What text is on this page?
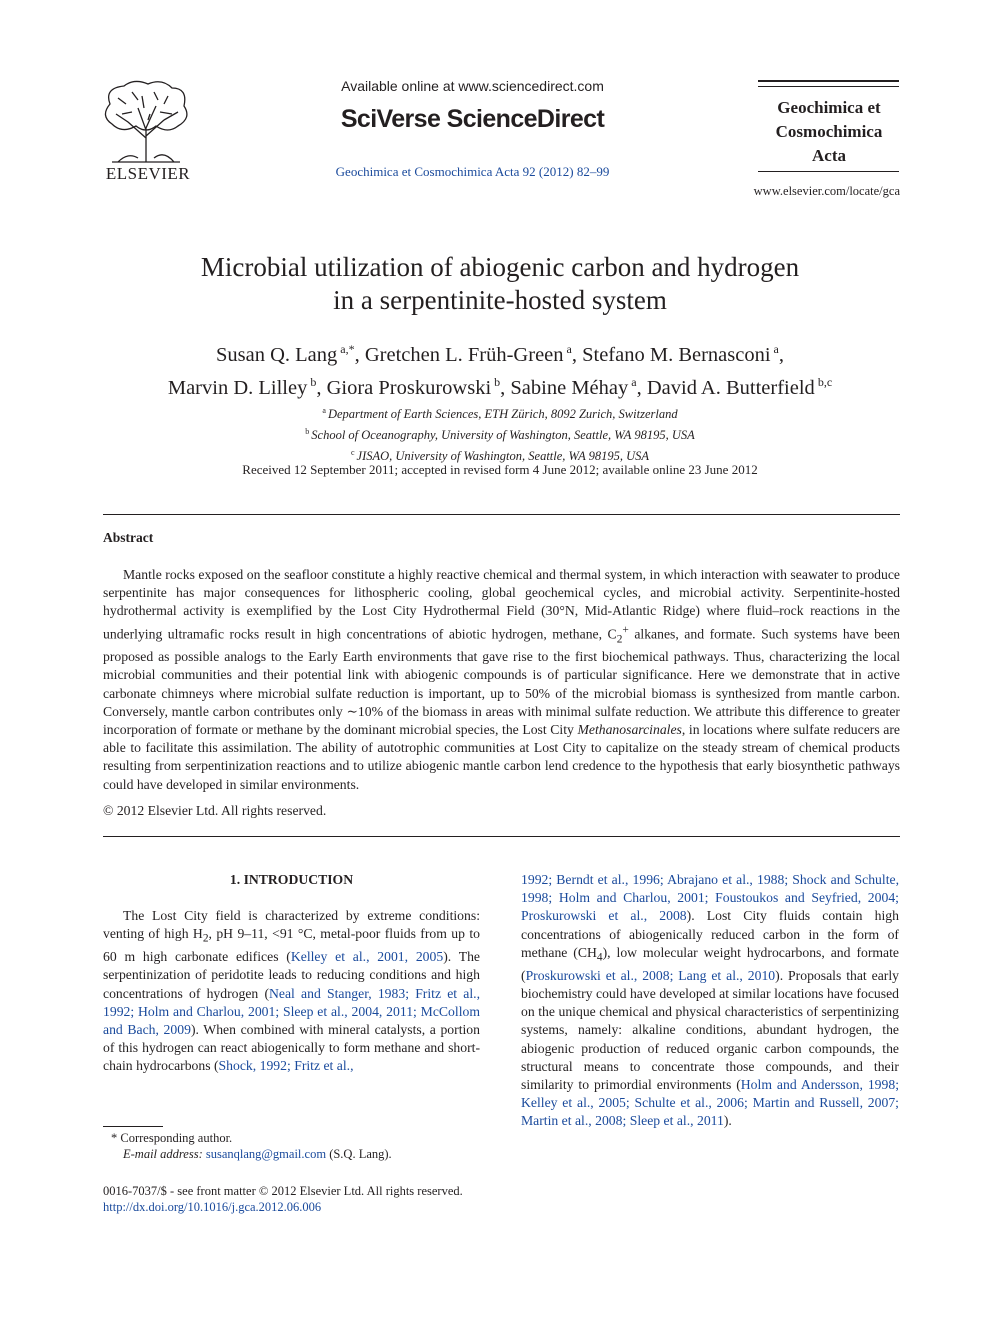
ELSEVIER
Available online at www.sciencedirect.com
SciVerse ScienceDirect
Geochimica et Cosmochimica Acta 92 (2012) 82–99
Geochimica et
Cosmochimica
Acta
www.elsevier.com/locate/gca
Microbial utilization of abiogenic carbon and hydrogen
in a serpentinite-hosted system
Susan Q. Lang $^{a,*}$, Gretchen L. Früh-Green $^a$, Stefano M. Bernasconi $^a$,
Marvin D. Lilley $^b$, Giora Proskurowski $^b$, Sabine Méhay $^a$, David A. Butterfield $^{b,c}$
$^a$ Department of Earth Sciences, ETH Zürich, 8092 Zurich, Switzerland
$^b$ School of Oceanography, University of Washington, Seattle, WA 98195, USA
$^c$ JISAO, University of Washington, Seattle, WA 98195, USA
Received 12 September 2011; accepted in revised form 4 June 2012; available online 23 June 2012
Abstract
Mantle rocks exposed on the seafloor constitute a highly reactive chemical and thermal system, in which interaction with seawater to produce serpentinite has major consequences for lithospheric cooling, global geochemical cycles, and microbial activity. Serpentinite-hosted hydrothermal activity is exemplified by the Lost City Hydrothermal Field (30°N, Mid-Atlantic Ridge) where fluid–rock reactions in the underlying ultramafic rocks result in high concentrations of abiotic hydrogen, methane, $C_2^+$ alkanes, and formate. Such systems have been proposed as possible analogs to the Early Earth environments that gave rise to the first biochemical pathways. Thus, characterizing the local microbial communities and their potential link with abiogenic compounds is of particular significance. Here we demonstrate that in active carbonate chimneys where microbial sulfate reduction is important, up to 50% of the microbial biomass is synthesized from mantle carbon. Conversely, mantle carbon contributes only ∼10% of the biomass in areas with minimal sulfate reduction. We attribute this difference to greater incorporation of formate or methane by the dominant microbial species, the Lost City Methanosarcinales, in locations where sulfate reducers are able to facilitate this assimilation. The ability of autotrophic communities at Lost City to capitalize on the steady stream of chemical products resulting from serpentinization reactions and to utilize abiogenic mantle carbon lend credence to the hypothesis that early biosynthetic pathways could have developed in similar environments.
© 2012 Elsevier Ltd. All rights reserved.
1. INTRODUCTION
The Lost City field is characterized by extreme conditions: venting of high $H_2$, pH 9–11, <91 °C, metal-poor fluids from up to 60 m high carbonate edifices (Kelley et al., 2001, 2005). The serpentinization of peridotite leads to reducing conditions and high concentrations of hydrogen (Neal and Stanger, 1983; Fritz et al., 1992; Holm and Charlou, 2001; Sleep et al., 2004, 2011; McCollom and Bach, 2009). When combined with mineral catalysts, a portion of this hydrogen can react abiogenically to form methane and short-chain hydrocarbons (Shock, 1992; Fritz et al.,
1992; Berndt et al., 1996; Abrajano et al., 1988; Shock and Schulte, 1998; Holm and Charlou, 2001; Foustoukos and Seyfried, 2004; Proskurowski et al., 2008). Lost City fluids contain high concentrations of abiogenically reduced carbon in the form of methane $(CH_4)$, low molecular weight hydrocarbons, and formate (Proskurowski et al., 2008; Lang et al., 2010). Proposals that early biochemistry could have developed at similar locations have focused on the unique chemical and physical characteristics of serpentinizing systems, namely: alkaline conditions, abundant hydrogen, the abiogenic production of reduced organic carbon compounds, the structural means to concentrate those compounds, and their similarity to primordial environments (Holm and Andersson, 1998; Kelley et al., 2005; Schulte et al., 2006; Martin and Russell, 2007; Martin et al., 2008; Sleep et al., 2011).
* Corresponding author.
E-mail address: susanqlang@gmail.com (S.Q. Lang).
0016-7037/$ - see front matter © 2012 Elsevier Ltd. All rights reserved.
http://dx.doi.org/10.1016/j.gca.2012.06.006
